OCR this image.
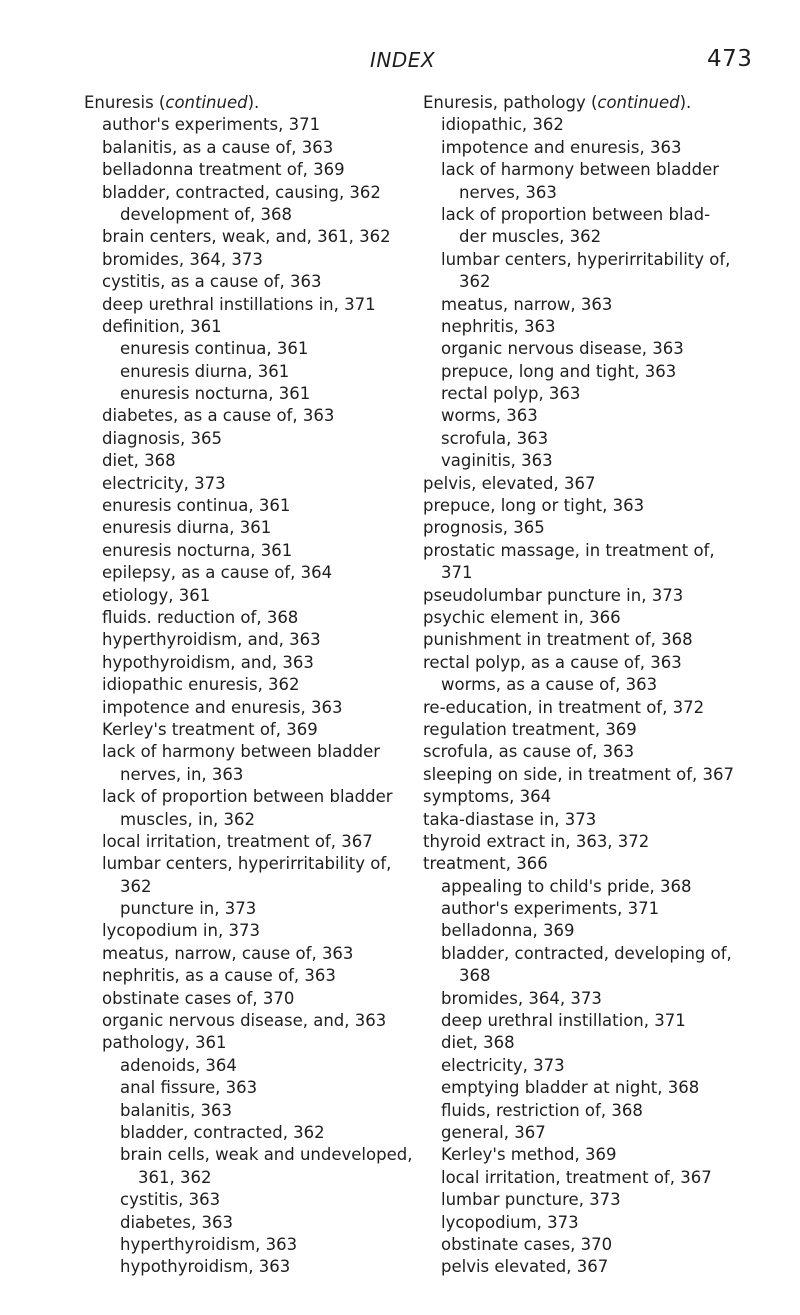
INDEX	473
Enuresis (continued).
author's experiments, 371
balanitis, as a cause of, 363
belladonna treatment of, 369
bladder, contracted, causing, 362
development of, 368
brain centers, weak, and, 361, 362
bromides, 364, 373
cystitis, as a cause of, 363
deep urethral instillations in, 371
definition, 361
enuresis continua, 361
enuresis diurna, 361
enuresis nocturna, 361
diabetes, as a cause of, 363
diagnosis, 365
diet, 368
electricity, 373
enuresis continua, 361
enuresis diurna, 361
enuresis nocturna, 361
epilepsy, as a cause of, 364
etiology, 361
fluids. reduction of, 368
hyperthyroidism, and, 363
hypothyroidism, and, 363
idiopathic enuresis, 362
impotence and enuresis, 363
Kerley's treatment of, 369
lack of harmony between bladder
nerves, in, 363
lack of proportion between bladder
muscles, in, 362
local irritation, treatment of, 367
lumbar centers, hyperirritability of,
362
puncture in, 373
lycopodium in, 373
meatus, narrow, cause of, 363
nephritis, as a cause of, 363
obstinate cases of, 370
organic nervous disease, and, 363
pathology, 361
adenoids, 364
anal fissure, 363
balanitis, 363
bladder, contracted, 362
brain cells, weak and undeveloped,
361, 362
cystitis, 363
diabetes, 363
hyperthyroidism, 363
hypothyroidism, 363
Enuresis, pathology (continued).
idiopathic, 362
impotence and enuresis, 363
lack of harmony between bladder
nerves, 363
lack of proportion between blad-
der muscles, 362
lumbar centers, hyperirritability of,
362
meatus, narrow, 363
nephritis, 363
organic nervous disease, 363
prepuce, long and tight, 363
rectal polyp, 363
worms, 363
scrofula, 363
vaginitis, 363
pelvis, elevated, 367
prepuce, long or tight, 363
prognosis, 365
prostatic massage, in treatment of,
371
pseudolumbar puncture in, 373
psychic element in, 366
punishment in treatment of, 368
rectal polyp, as a cause of, 363
worms, as a cause of, 363
re-education, in treatment of, 372
regulation treatment, 369
scrofula, as cause of, 363
sleeping on side, in treatment of, 367
symptoms, 364
taka-diastase in, 373
thyroid extract in, 363, 372
treatment, 366
appealing to child's pride, 368
author's experiments, 371
belladonna, 369
bladder, contracted, developing of,
368
bromides, 364, 373
deep urethral instillation, 371
diet, 368
electricity, 373
emptying bladder at night, 368
fluids, restriction of, 368
general, 367
Kerley's method, 369
local irritation, treatment of, 367
lumbar puncture, 373
lycopodium, 373
obstinate cases, 370
pelvis elevated, 367
